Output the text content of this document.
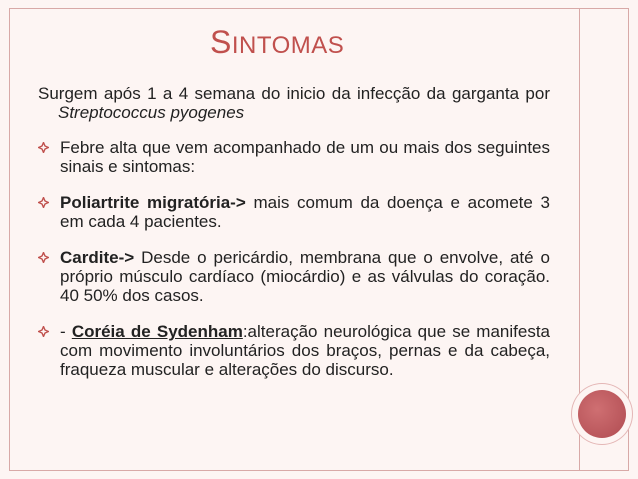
SINTOMAS

Surgem após 1 a 4 semana do inicio da infecção da garganta por Streptococcus pyogenes

Febre alta que vem acompanhado de um ou mais dos seguintes sinais e sintomas:
Poliartrite migratória-> mais comum da doença e acomete 3 em cada 4 pacientes.
Cardite-> Desde o pericárdio, membrana que o envolve, até o próprio músculo cardíaco (miocárdio) e as válvulas do coração. 40 50% dos casos.
- Coréia de Sydenham:alteração neurológica que se manifesta com movimento involuntários dos braços, pernas e da cabeça, fraqueza muscular e alterações do discurso.
